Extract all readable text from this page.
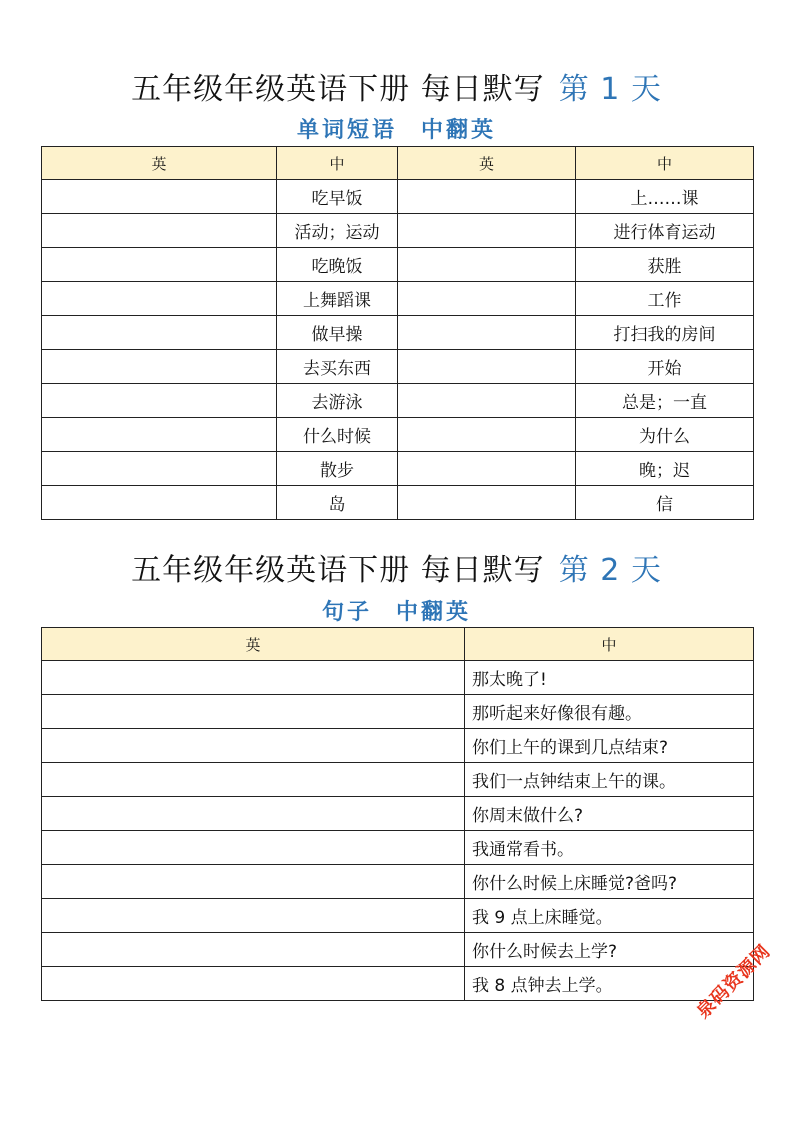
五年级年级英语下册 每日默写 第 1 天
单词短语 中翻英
英	中	英	中
	吃早饭		上……课
	活动；运动		进行体育运动
	吃晚饭		获胜
	上舞蹈课		工作
	做早操		打扫我的房间
	去买东西		开始
	去游泳		总是；一直
	什么时候		为什么
	散步		晚；迟
	岛		信
五年级年级英语下册 每日默写 第 2 天
句子 中翻英
英	中
	那太晚了!
	那听起来好像很有趣。
	你们上午的课到几点结束?
	我们一点钟结束上午的课。
	你周末做什么?
	我通常看书。
	你什么时候上床睡觉?爸吗?
	我 9 点上床睡觉。
	你什么时候去上学?
	我 8 点钟去上学。	泉码资源网
